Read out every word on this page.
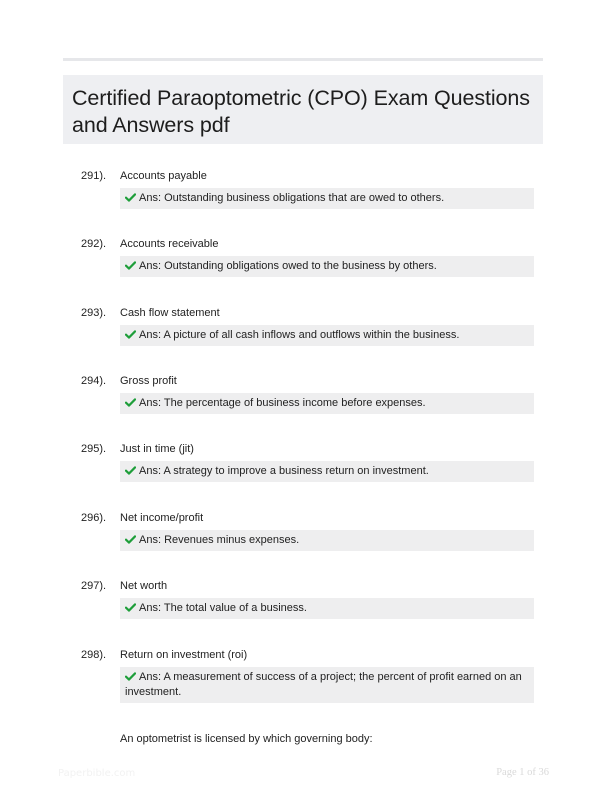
Certified Paraoptometric (CPO) Exam Questions and Answers pdf
291). Accounts payable
Ans: Outstanding business obligations that are owed to others.
292). Accounts receivable
Ans: Outstanding obligations owed to the business by others.
293). Cash flow statement
Ans: A picture of all cash inflows and outflows within the business.
294). Gross profit
Ans: The percentage of business income before expenses.
295). Just in time (jit)
Ans: A strategy to improve a business return on investment.
296). Net income/profit
Ans: Revenues minus expenses.
297). Net worth
Ans: The total value of a business.
298). Return on investment (roi)
Ans: A measurement of success of a project; the percent of profit earned on an investment.
An optometrist is licensed by which governing body:
Paperbible.com	Page 1 of 36
